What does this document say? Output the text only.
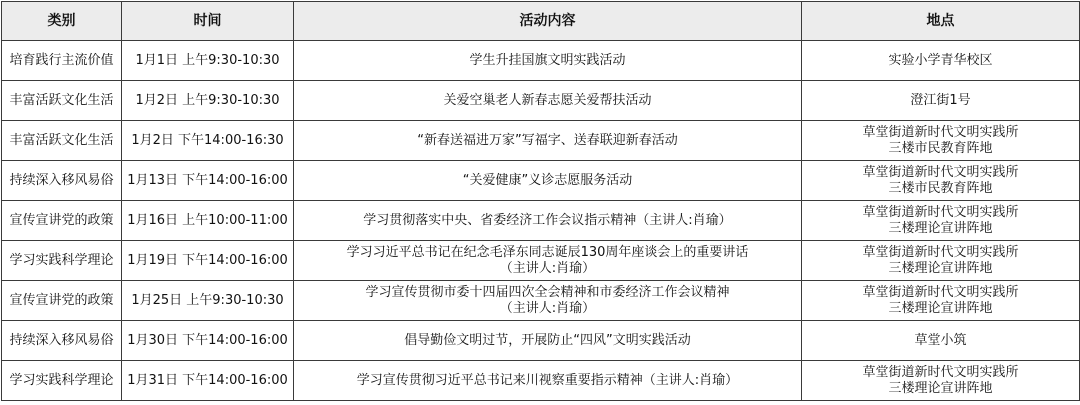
类别	时间	活动内容	地点
培育践行主流价值	1月1日 上午9:30-10:30	学生升挂国旗文明实践活动	实验小学青华校区

丰富活跃文化生活	1月2日 上午9:30-10:30	关爱空巢老人新春志愿关爱帮扶活动	澄江街1号

丰富活跃文化生活	1月2日 下午14:00-16:30	“新春送福进万家”写福字、送春联迎新春活动	草堂街道新时代文明实践所
三楼市民教育阵地

持续深入移风易俗	1月13日 下午14:00-16:00	“关爱健康”义诊志愿服务活动	草堂街道新时代文明实践所
三楼市民教育阵地

宣传宣讲党的政策	1月16日 上午10:00-11:00	学习贯彻落实中央、省委经济工作会议指示精神（主讲人:肖瑜）	草堂街道新时代文明实践所
三楼理论宣讲阵地

学习实践科学理论	1月19日 下午14:00-16:00	学习习近平总书记在纪念毛泽东同志诞辰130周年座谈会上的重要讲话
（主讲人:肖瑜）	草堂街道新时代文明实践所
三楼理论宣讲阵地

宣传宣讲党的政策	1月25日 上午9:30-10:30	学习宣传贯彻市委十四届四次全会精神和市委经济工作会议精神
（主讲人:肖瑜）	草堂街道新时代文明实践所
三楼理论宣讲阵地

持续深入移风易俗	1月30日 下午14:00-16:00	倡导勤俭文明过节，开展防止“四风”文明实践活动	草堂小筑

学习实践科学理论	1月31日 下午14:00-16:00	学习宣传贯彻习近平总书记来川视察重要指示精神（主讲人:肖瑜）	草堂街道新时代文明实践所
三楼理论宣讲阵地
